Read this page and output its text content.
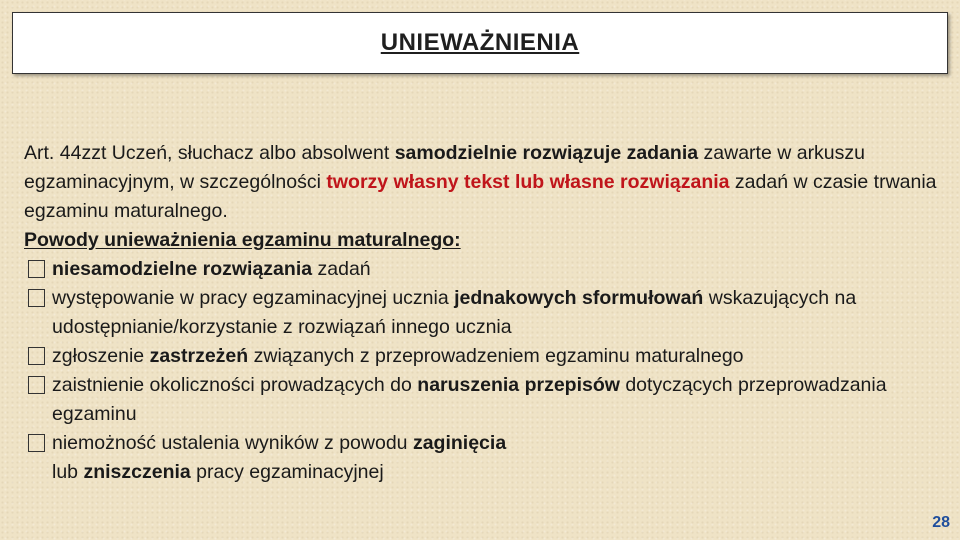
UNIEWAŻNIENIA

Art. 44zzt Uczeń, słuchacz albo absolwent samodzielnie rozwiązuje zadania zawarte w arkuszu egzaminacyjnym, w szczególności tworzy własny tekst lub własne rozwiązania zadań w czasie trwania egzaminu maturalnego.

Powody unieważnienia egzaminu maturalnego:

niesamodzielne rozwiązania zadań

występowanie w pracy egzaminacyjnej ucznia jednakowych sformułowań wskazujących na udostępnianie/korzystanie z rozwiązań innego ucznia

zgłoszenie zastrzeżeń związanych z przeprowadzeniem egzaminu maturalnego

zaistnienie okoliczności prowadzących do naruszenia przepisów dotyczących przeprowadzania egzaminu

niemożność ustalenia wyników z powodu zaginięcia
lub zniszczenia pracy egzaminacyjnej

28
